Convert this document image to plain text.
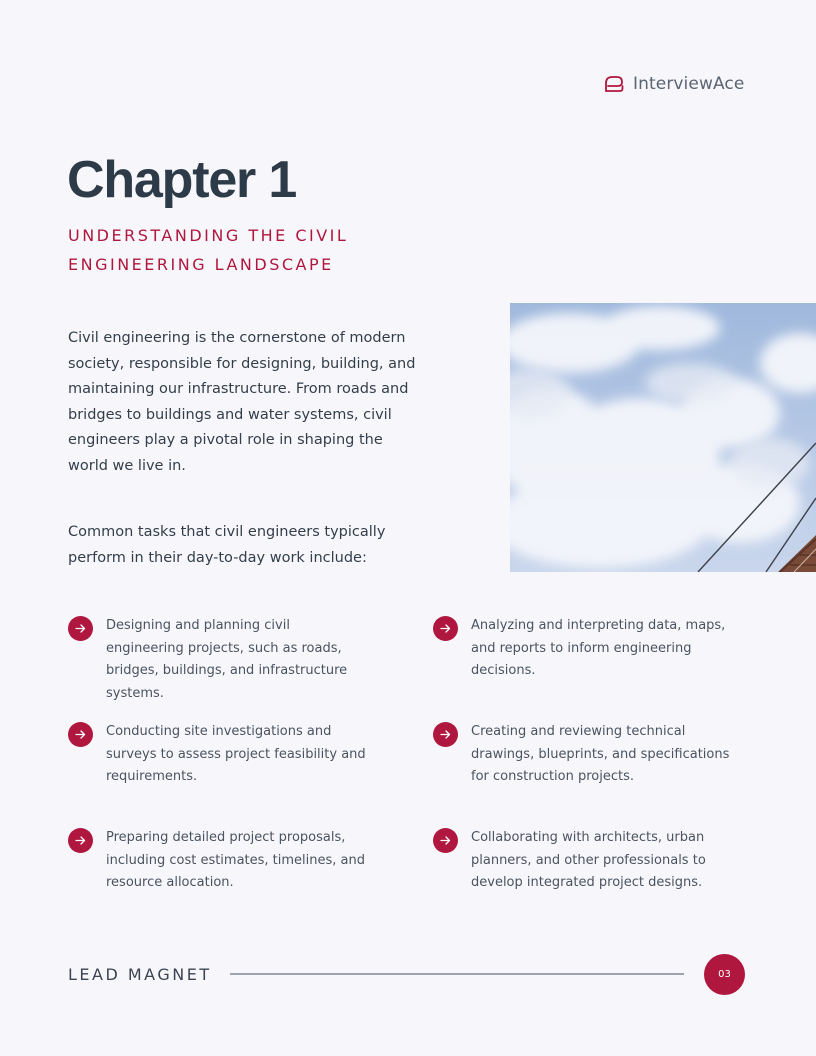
InterviewAce
Chapter 1
UNDERSTANDING THE CIVIL ENGINEERING LANDSCAPE

Civil engineering is the cornerstone of modern society, responsible for designing, building, and maintaining our infrastructure. From roads and bridges to buildings and water systems, civil engineers play a pivotal role in shaping the world we live in.

Common tasks that civil engineers typically perform in their day-to-day work include:

Designing and planning civil engineering projects, such as roads, bridges, buildings, and infrastructure systems.
Analyzing and interpreting data, maps, and reports to inform engineering decisions.
Conducting site investigations and surveys to assess project feasibility and requirements.
Creating and reviewing technical drawings, blueprints, and specifications for construction projects.
Preparing detailed project proposals, including cost estimates, timelines, and resource allocation.
Collaborating with architects, urban planners, and other professionals to develop integrated project designs.
LEAD MAGNET	03
